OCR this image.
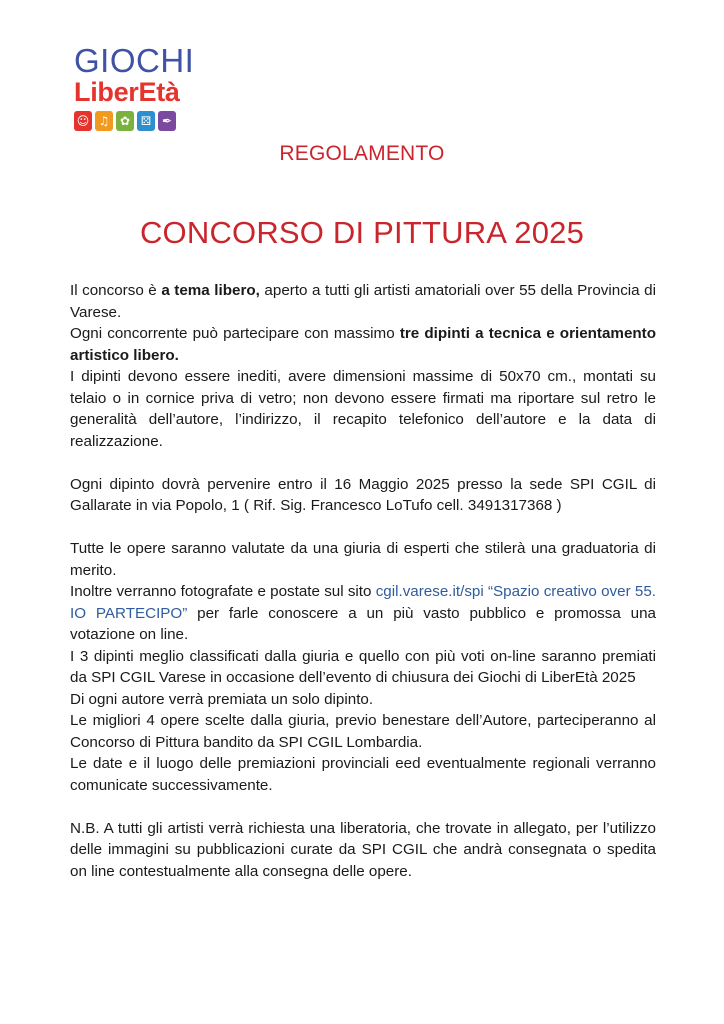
GIOCHI
LiberEtà
☺ ♫ ✿ ⚄ ✒
REGOLAMENTO
CONCORSO DI PITTURA 2025

Il concorso è a tema libero, aperto a tutti gli artisti amatoriali over 55 della Provincia di Varese.

Ogni concorrente può partecipare con massimo tre dipinti a tecnica e orientamento artistico libero.

I dipinti devono essere inediti, avere dimensioni massime di 50x70 cm., montati su telaio o in cornice priva di vetro; non devono essere firmati ma riportare sul retro le generalità dell’autore, l’indirizzo, il recapito telefonico dell’autore e la data di realizzazione.

Ogni dipinto dovrà pervenire entro il 16 Maggio 2025 presso la sede SPI CGIL di Gallarate in via Popolo, 1 ( Rif. Sig. Francesco LoTufo cell. 3491317368 )

Tutte le opere saranno valutate da una giuria di esperti che stilerà una graduatoria di merito.

Inoltre verranno fotografate e postate sul sito cgil.varese.it/spi “Spazio creativo over 55. IO PARTECIPO” per farle conoscere a un più vasto pubblico e promossa una votazione on line.

I 3 dipinti meglio classificati dalla giuria e quello con più voti on-line saranno premiati da SPI CGIL Varese in occasione dell’evento di chiusura dei Giochi di LiberEtà 2025

Di ogni autore verrà premiata un solo dipinto.

Le migliori 4 opere scelte dalla giuria, previo benestare dell’Autore, parteciperanno al Concorso di Pittura bandito da SPI CGIL Lombardia.

Le date e il luogo delle premiazioni provinciali eed eventualmente regionali verranno comunicate successivamente.

N.B. A tutti gli artisti verrà richiesta una liberatoria, che trovate in allegato, per l’utilizzo delle immagini su pubblicazioni curate da SPI CGIL che andrà consegnata o spedita on line contestualmente alla consegna delle opere.
